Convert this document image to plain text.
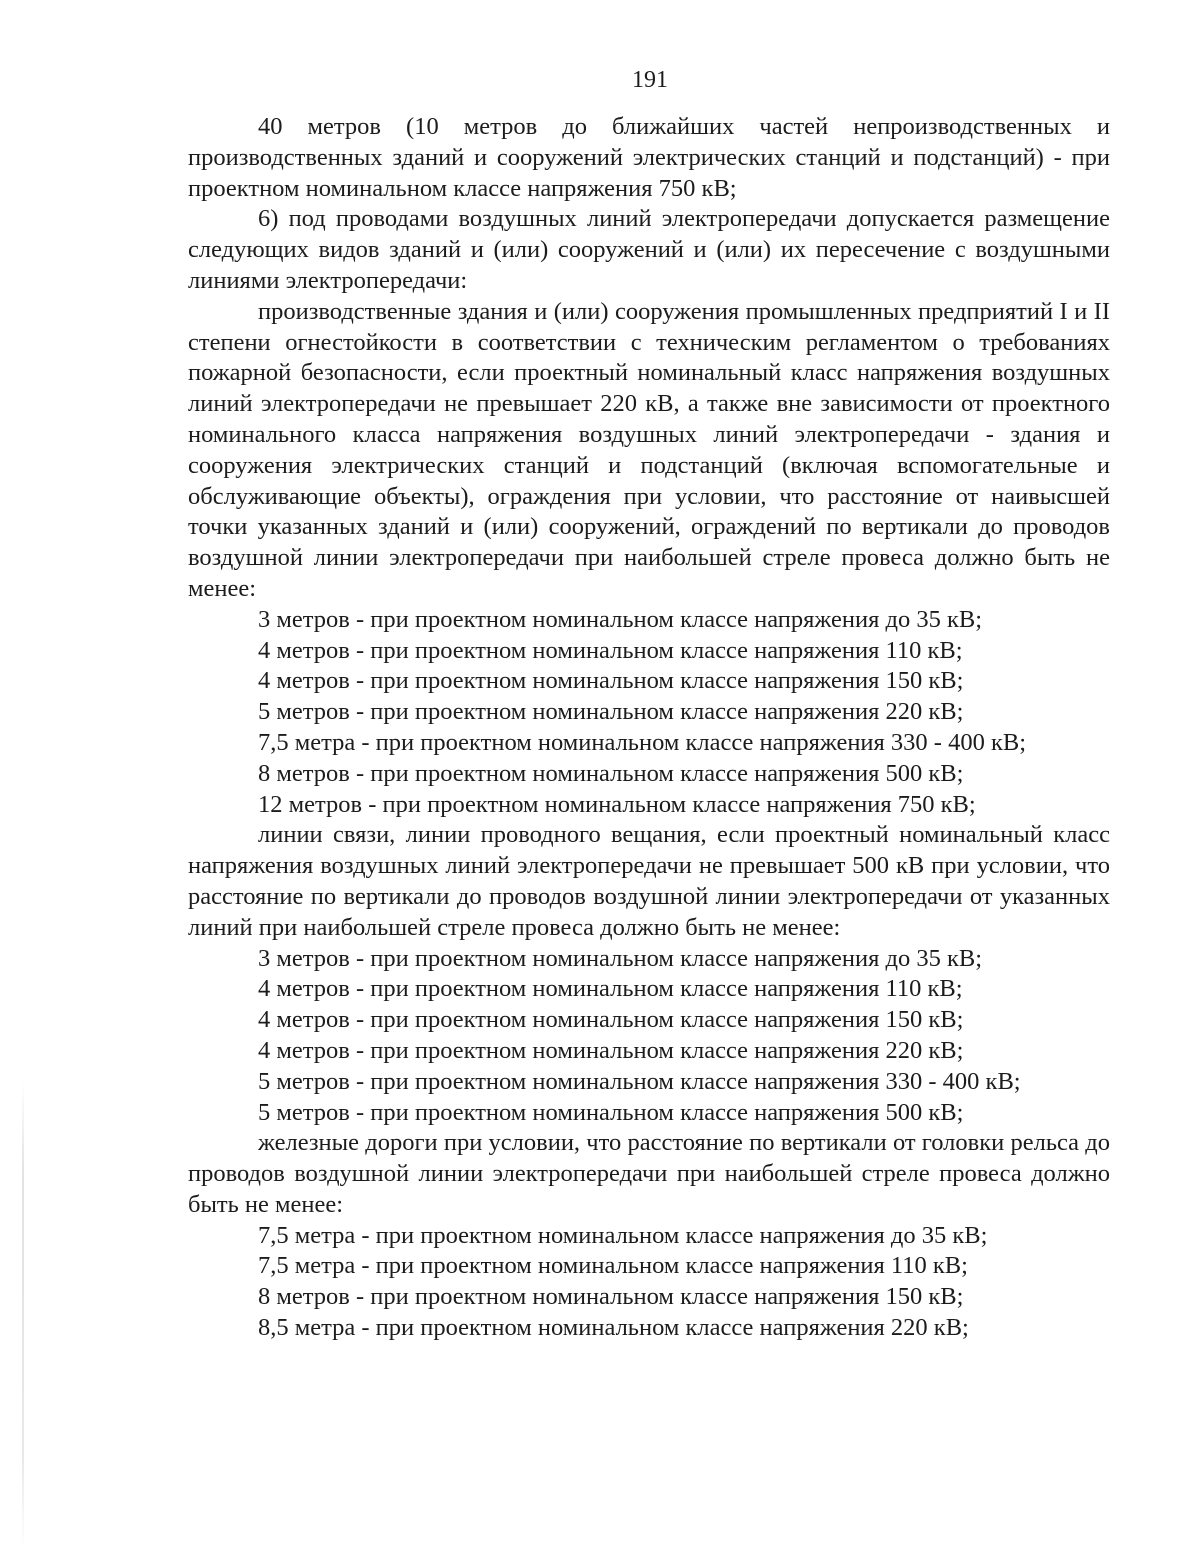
191

40 метров (10 метров до ближайших частей непроизводственных и производственных зданий и сооружений электрических станций и подстанций) - при проектном номинальном классе напряжения 750 кВ;

6) под проводами воздушных линий электропередачи допускается размещение следующих видов зданий и (или) сооружений и (или) их пересечение с воздушными линиями электропередачи:

производственные здания и (или) сооружения промышленных предприятий I и II степени огнестойкости в соответствии с техническим регламентом о требованиях пожарной безопасности, если проектный номинальный класс напряжения воздушных линий электропередачи не превышает 220 кВ, а также вне зависимости от проектного номинального класса напряжения воздушных линий электропередачи - здания и сооружения электрических станций и подстанций (включая вспомогательные и обслуживающие объекты), ограждения при условии, что расстояние от наивысшей точки указанных зданий и (или) сооружений, ограждений по вертикали до проводов воздушной линии электропередачи при наибольшей стреле провеса должно быть не менее:

3 метров - при проектном номинальном классе напряжения до 35 кВ;

4 метров - при проектном номинальном классе напряжения 110 кВ;

4 метров - при проектном номинальном классе напряжения 150 кВ;

5 метров - при проектном номинальном классе напряжения 220 кВ;

7,5 метра - при проектном номинальном классе напряжения 330 - 400 кВ;

8 метров - при проектном номинальном классе напряжения 500 кВ;

12 метров - при проектном номинальном классе напряжения 750 кВ;

линии связи, линии проводного вещания, если проектный номинальный класс напряжения воздушных линий электропередачи не превышает 500 кВ при условии, что расстояние по вертикали до проводов воздушной линии электропередачи от указанных линий при наибольшей стреле провеса должно быть не менее:

3 метров - при проектном номинальном классе напряжения до 35 кВ;

4 метров - при проектном номинальном классе напряжения 110 кВ;

4 метров - при проектном номинальном классе напряжения 150 кВ;

4 метров - при проектном номинальном классе напряжения 220 кВ;

5 метров - при проектном номинальном классе напряжения 330 - 400 кВ;

5 метров - при проектном номинальном классе напряжения 500 кВ;

железные дороги при условии, что расстояние по вертикали от головки рельса до проводов воздушной линии электропередачи при наибольшей стреле провеса должно быть не менее:

7,5 метра - при проектном номинальном классе напряжения до 35 кВ;

7,5 метра - при проектном номинальном классе напряжения 110 кВ;

8 метров - при проектном номинальном классе напряжения 150 кВ;

8,5 метра - при проектном номинальном классе напряжения 220 кВ;
